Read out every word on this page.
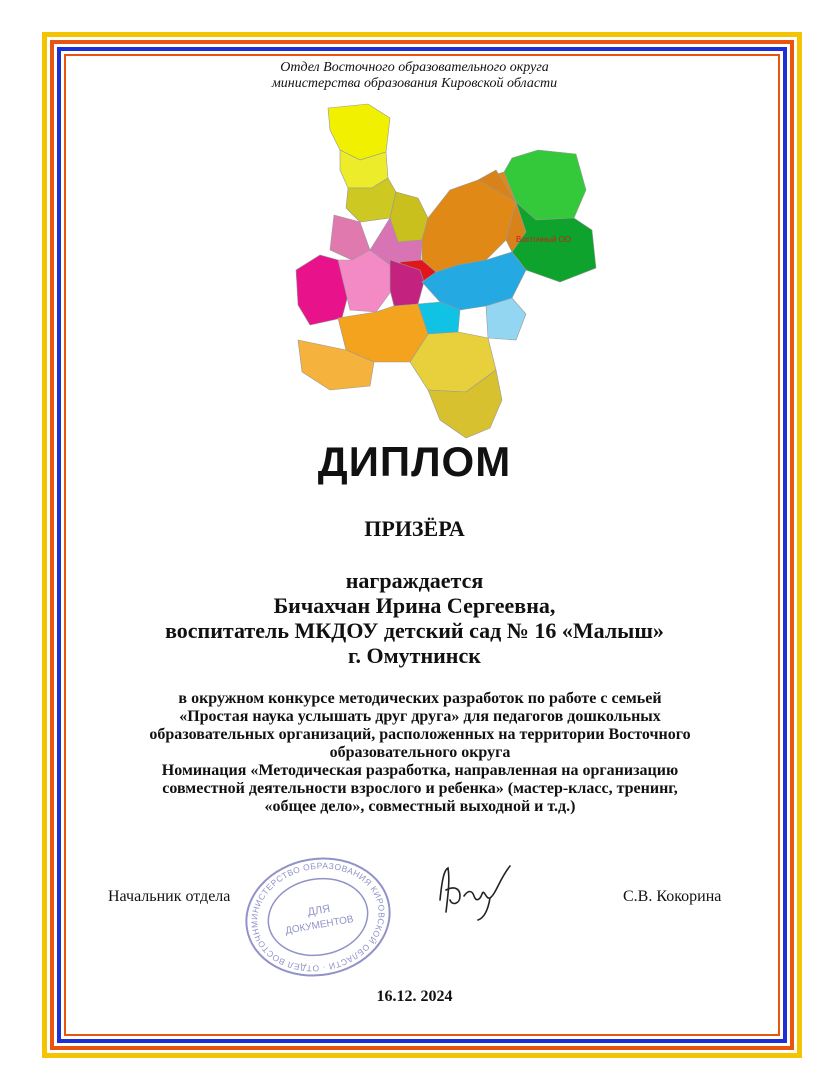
Отдел Восточного образовательного округа
министерства образования Кировской области
Восточный ОО
ДИПЛОМ
ПРИЗЁРА
награждается
Бичахчан Ирина Сергеевна,
воспитатель МКДОУ детский сад № 16 «Малыш»
г. Омутнинск
в окружном конкурсе методических разработок по работе с семьей
«Простая наука услышать друг друга» для педагогов дошкольных
образовательных организаций, расположенных на территории Восточного
образовательного округа
Номинация «Методическая разработка, направленная на организацию
совместной деятельности взрослого и ребенка» (мастер-класс, тренинг,
«общее дело», совместный выходной и т.д.)
МИНИСТЕРСТВО ОБРАЗОВАНИЯ КИРОВСКОЙ ОБЛАСТИ · ОТДЕЛ ВОСТОЧНОГО
ДЛЯ
ДОКУМЕНТОВ
Начальник отдела	С.В. Кокорина
16.12. 2024
